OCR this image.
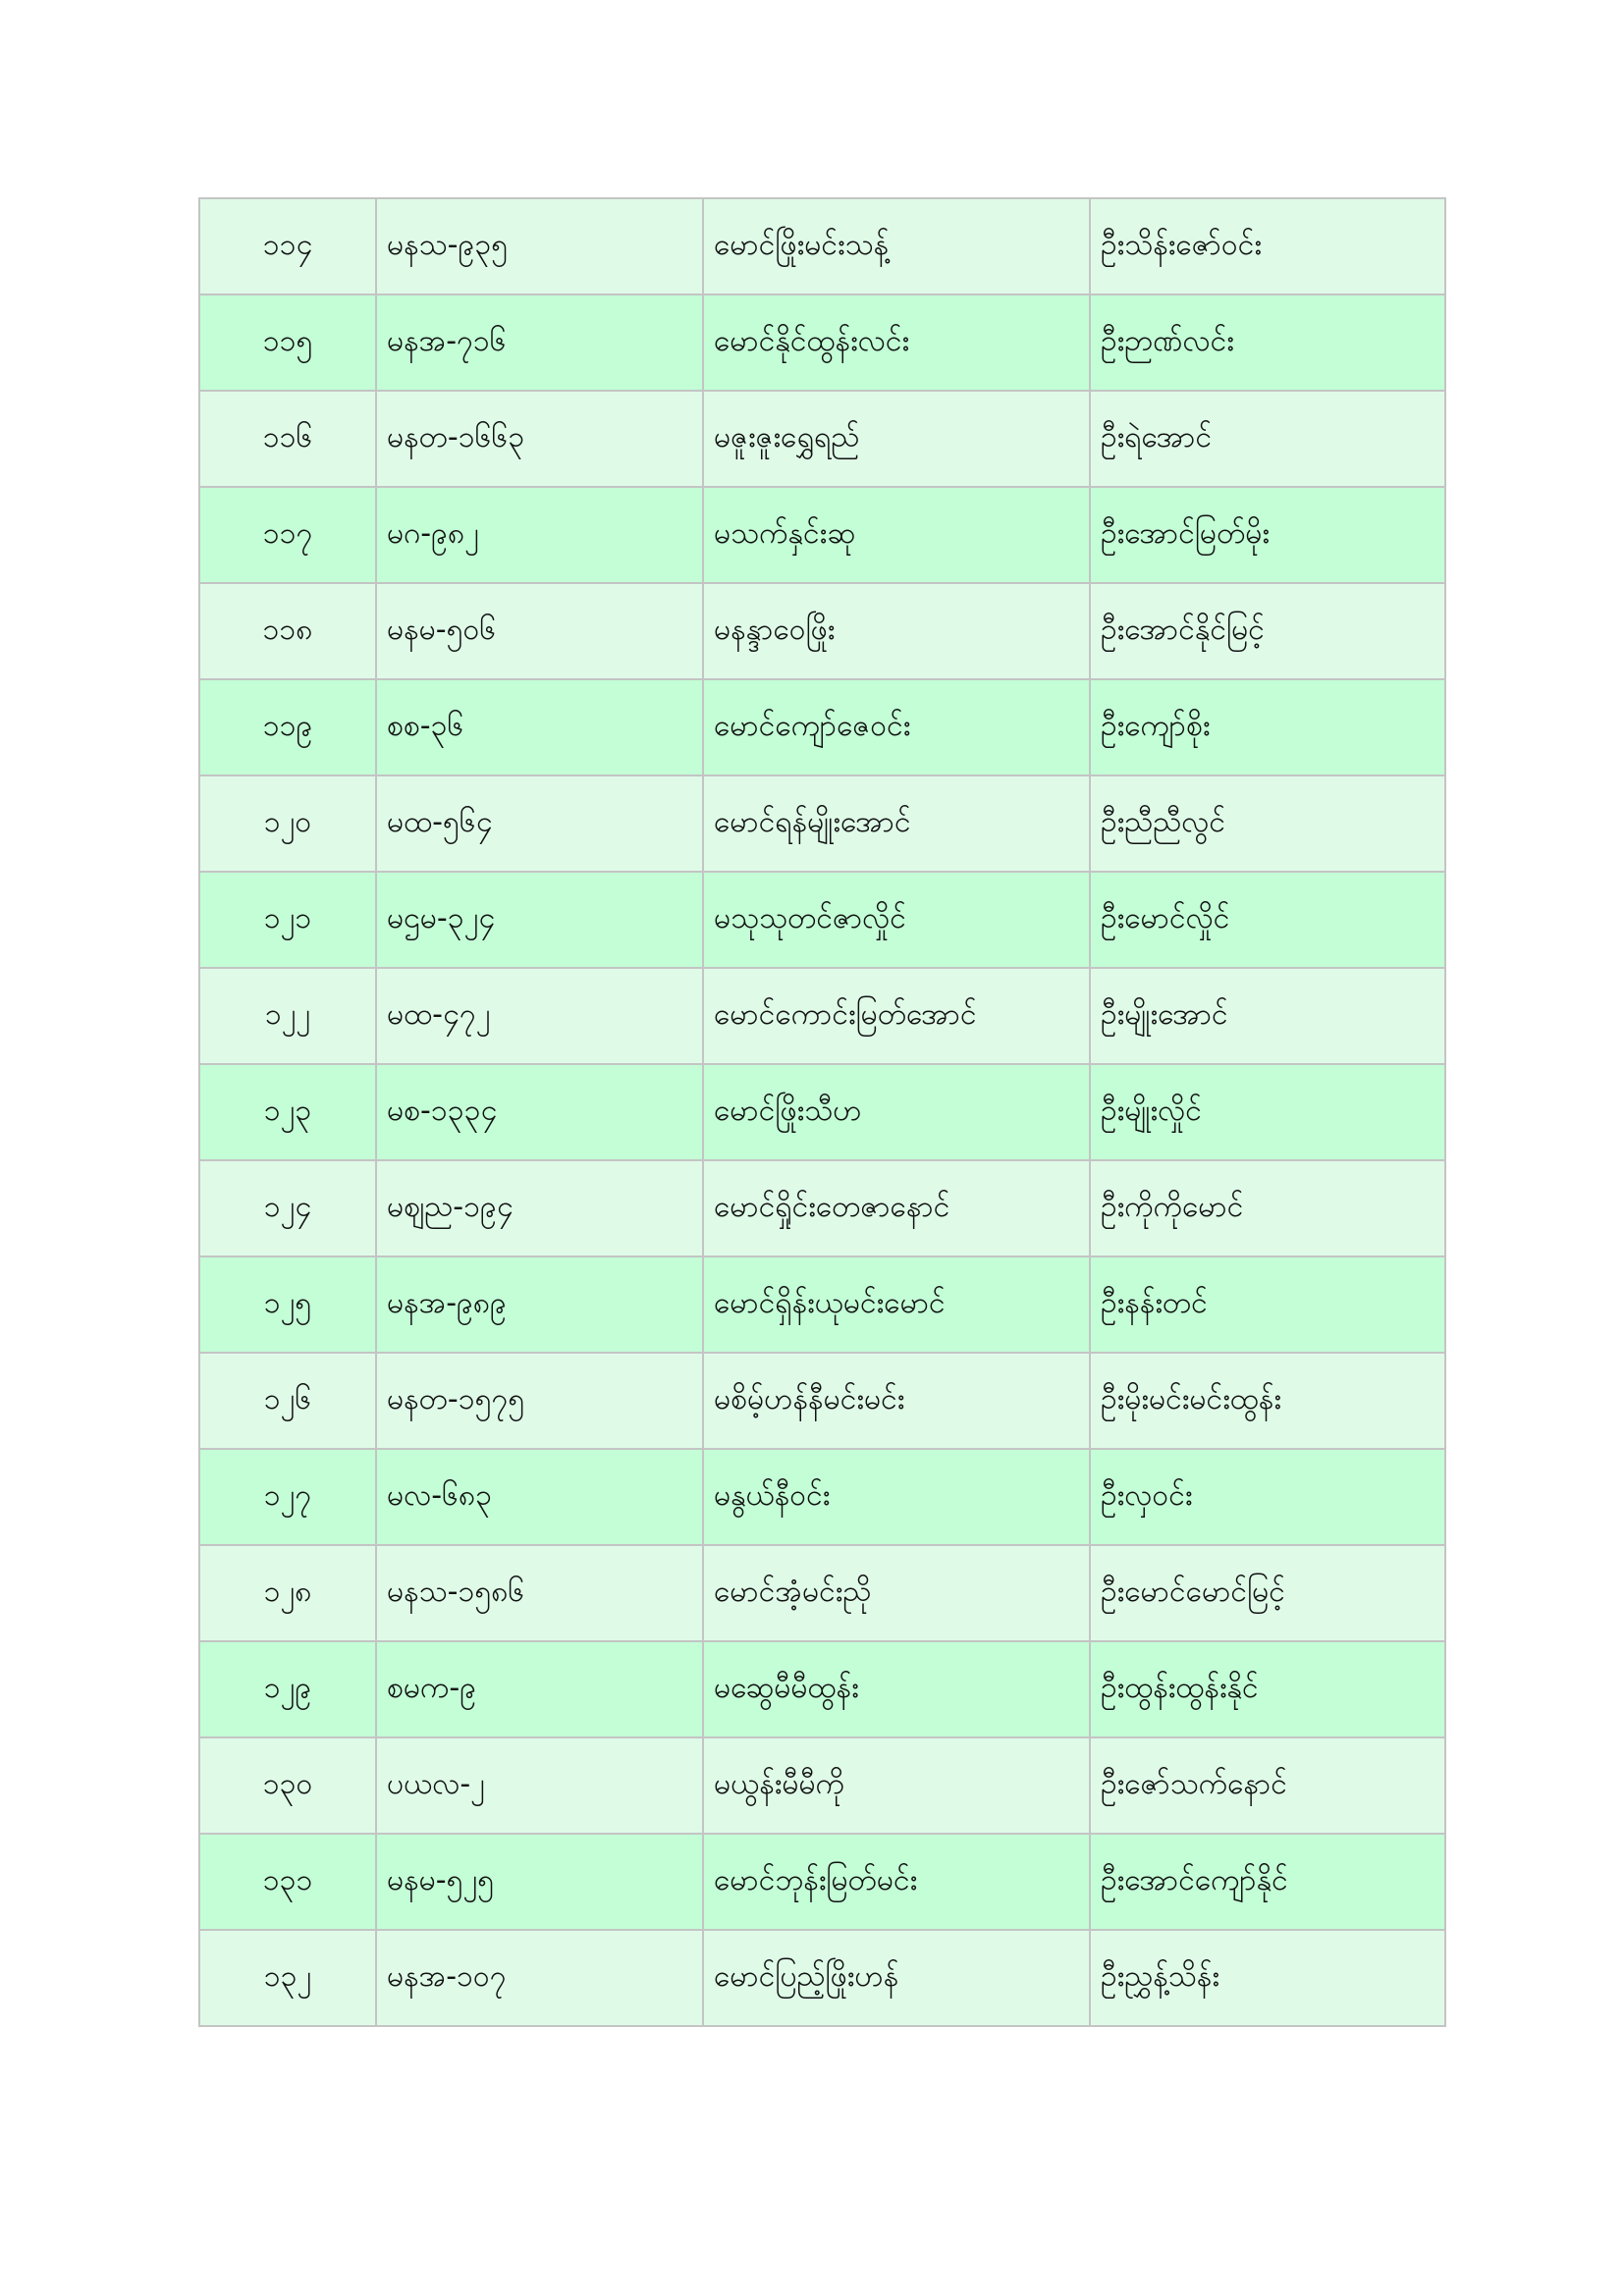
၁၁၄	မနသ-၉၃၅	မောင်ဖြိုးမင်းသန့်	ဦးသိန်းဇော်ဝင်း
၁၁၅	မနအ-၇၁၆	မောင်နိုင်ထွန်းလင်း	ဦးဉာဏ်လင်း
၁၁၆	မနတ-၁၆၆၃	မဇူးဇူးရွှေရည်	ဦးရဲအောင်
၁၁၇	မဂ-၉၈၂	မသက်နှင်းဆု	ဦးအောင်မြတ်မိုး
၁၁၈	မနမ-၅၀၆	မနန္ဒာဝေဖြိုး	ဦးအောင်နိုင်မြင့်
၁၁၉	စစ-၃၆	မောင်ကျော်ဇေဝင်း	ဦးကျော်စိုး
၁၂၀	မထ-၅၆၄	မောင်ရန်မျိုးအောင်	ဦးညီညီလွင်
၁၂၁	မဌမ-၃၂၄	မသုသုတင်ဇာလှိုင်	ဦးမောင်လှိုင်
၁၂၂	မထ-၄၇၂	မောင်ကောင်းမြတ်အောင်	ဦးမျိုးအောင်
၁၂၃	မစ-၁၃၃၄	မောင်ဖြိုးသီဟ	ဦးမျိုးလှိုင်
၁၂၄	မဈည-၁၉၄	မောင်ရှိုင်းတေဇာနောင်	ဦးကိုကိုမောင်
၁၂၅	မနအ-၉၈၉	မောင်ရှိန်းယုမင်းမောင်	ဦးနန်းတင်
၁၂၆	မနတ-၁၅၇၅	မစိမ့်ဟန်နီမင်းမင်း	ဦးမိုးမင်းမင်းထွန်း
၁၂၇	မလ-၆၈၃	မနွယ်နီဝင်း	ဦးလှဝင်း
၁၂၈	မနသ-၁၅၈၆	မောင်အံ့မင်းညို	ဦးမောင်မောင်မြင့်
၁၂၉	စမက-၉	မဆွေမီမီထွန်း	ဦးထွန်းထွန်းနိုင်
၁၃၀	ပယလ-၂	မယွန်းမီမီကို	ဦးဇော်သက်နောင်
၁၃၁	မနမ-၅၂၅	မောင်ဘုန်းမြတ်မင်း	ဦးအောင်ကျော်နိုင်
၁၃၂	မနအ-၁၀၇	မောင်ပြည့်ဖြိုးဟန်	ဦးညွှန့်သိန်း
